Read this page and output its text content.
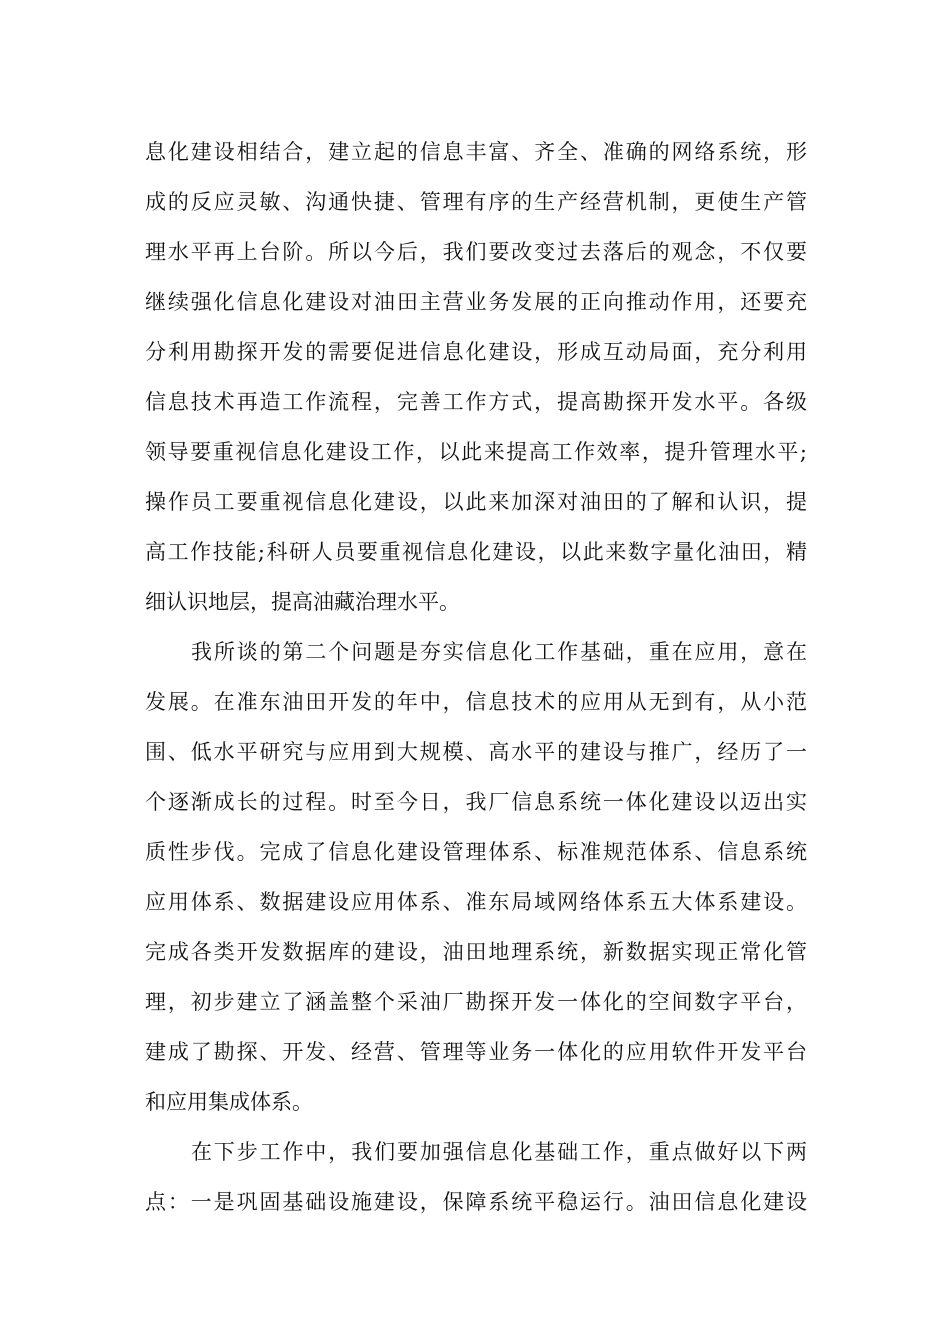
息化建设相结合，建立起的信息丰富、齐全、准确的网络系统，形

成的反应灵敏、沟通快捷、管理有序的生产经营机制，更使生产管

理水平再上台阶。所以今后，我们要改变过去落后的观念，不仅要

继续强化信息化建设对油田主营业务发展的正向推动作用，还要充

分利用勘探开发的需要促进信息化建设，形成互动局面，充分利用

信息技术再造工作流程，完善工作方式，提高勘探开发水平。各级

领导要重视信息化建设工作，以此来提高工作效率，提升管理水平;

操作员工要重视信息化建设，以此来加深对油田的了解和认识，提

高工作技能;科研人员要重视信息化建设，以此来数字量化油田，精

细认识地层，提高油藏治理水平。

我所谈的第二个问题是夯实信息化工作基础，重在应用，意在

发展。在准东油田开发的年中，信息技术的应用从无到有，从小范

围、低水平研究与应用到大规模、高水平的建设与推广，经历了一

个逐渐成长的过程。时至今日，我厂信息系统一体化建设以迈出实

质性步伐。完成了信息化建设管理体系、标准规范体系、信息系统

应用体系、数据建设应用体系、准东局域网络体系五大体系建设。

完成各类开发数据库的建设，油田地理系统，新数据实现正常化管

理，初步建立了涵盖整个采油厂勘探开发一体化的空间数字平台，

建成了勘探、开发、经营、管理等业务一体化的应用软件开发平台

和应用集成体系。

在下步工作中，我们要加强信息化基础工作，重点做好以下两

点：一是巩固基础设施建设，保障系统平稳运行。油田信息化建设
